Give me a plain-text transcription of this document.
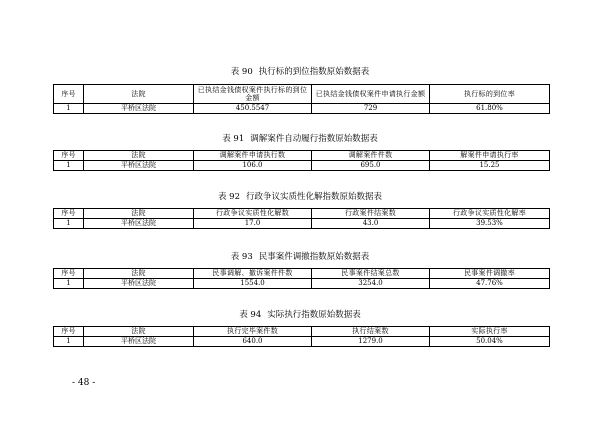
表 90 执行标的到位指数原始数据表
序号	法院	已执结金钱债权案件执行标的到位金额	已执结金钱债权案件申请执行金额	执行标的到位率
1	平桥区法院	450.5547	729	61.80%
表 91 调解案件自动履行指数原始数据表
序号	法院	调解案件申请执行数	调解案件件数	解案件申请执行率
1	平桥区法院	106.0	695.0	15.25
表 92 行政争议实质性化解指数原始数据表
序号	法院	行政争议实质性化解数	行政案件结案数	行政争议实质性化解率
1	平桥区法院	17.0	43.0	39.53%
表 93 民事案件调撤指数原始数据表
序号	法院	民事调解、撤诉案件件数	民事案件结案总数	民事案件调撤率
1	平桥区法院	1554.0	3254.0	47.76%
表 94 实际执行指数原始数据表
序号	法院	执行完毕案件数	执行结案数	实际执行率
1	平桥区法院	640.0	1279.0	50.04%
- 48 -
